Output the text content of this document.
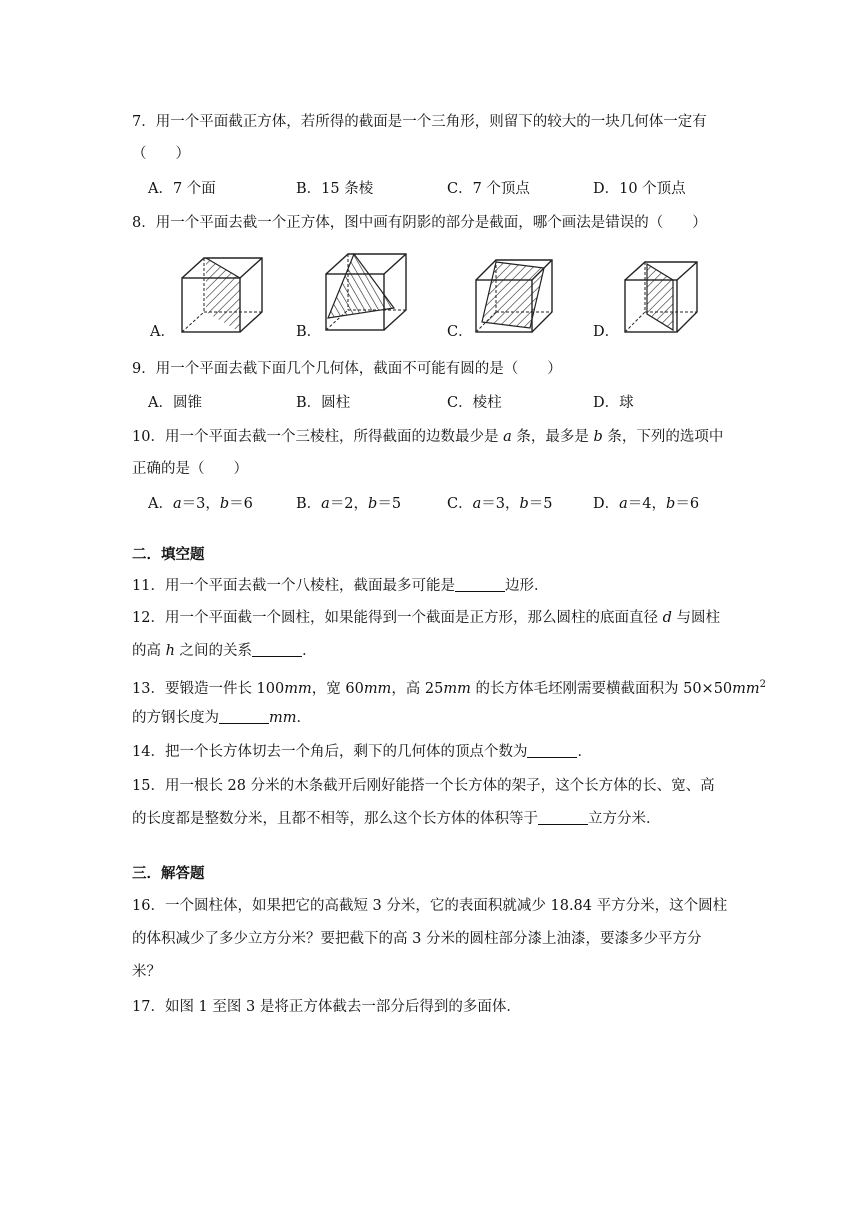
7．用一个平面截正方体，若所得的截面是一个三角形，则留下的较大的一块几何体一定有
（　　）
A．7 个面	B．15 条棱	C．7 个顶点	D．10 个顶点
8．用一个平面去截一个正方体，图中画有阴影的部分是截面，哪个画法是错误的（　　）
A．	B．	C．	D．
9．用一个平面去截下面几个几何体，截面不可能有圆的是（　　）
A．圆锥	B．圆柱	C．棱柱	D．球
10．用一个平面去截一个三棱柱，所得截面的边数最少是 a 条，最多是 b 条，下列的选项中
正确的是（　　）
A．a＝3，b＝6	B．a＝2，b＝5	C．a＝3，b＝5	D．a＝4，b＝6
二．填空题
11．用一个平面去截一个八棱柱，截面最多可能是	边形．
12．用一个平面截一个圆柱，如果能得到一个截面是正方形，那么圆柱的底面直径 d 与圆柱
的高 h 之间的关系	．
13．要锻造一件长 100mm，宽 60mm，高 25mm 的长方体毛坯刚需要横截面积为 $50\times 50mm^2$
的方钢长度为	mm．
14．把一个长方体切去一个角后，剩下的几何体的顶点个数为	．
15．用一根长 28 分米的木条截开后刚好能搭一个长方体的架子，这个长方体的长、宽、高
的长度都是整数分米，且都不相等，那么这个长方体的体积等于	立方分米．
三．解答题
16．一个圆柱体，如果把它的高截短 3 分米，它的表面积就减少 18.84 平方分米，这个圆柱
的体积减少了多少立方分米？要把截下的高 3 分米的圆柱部分漆上油漆，要漆多少平方分
米？
17．如图 1 至图 3 是将正方体截去一部分后得到的多面体．
